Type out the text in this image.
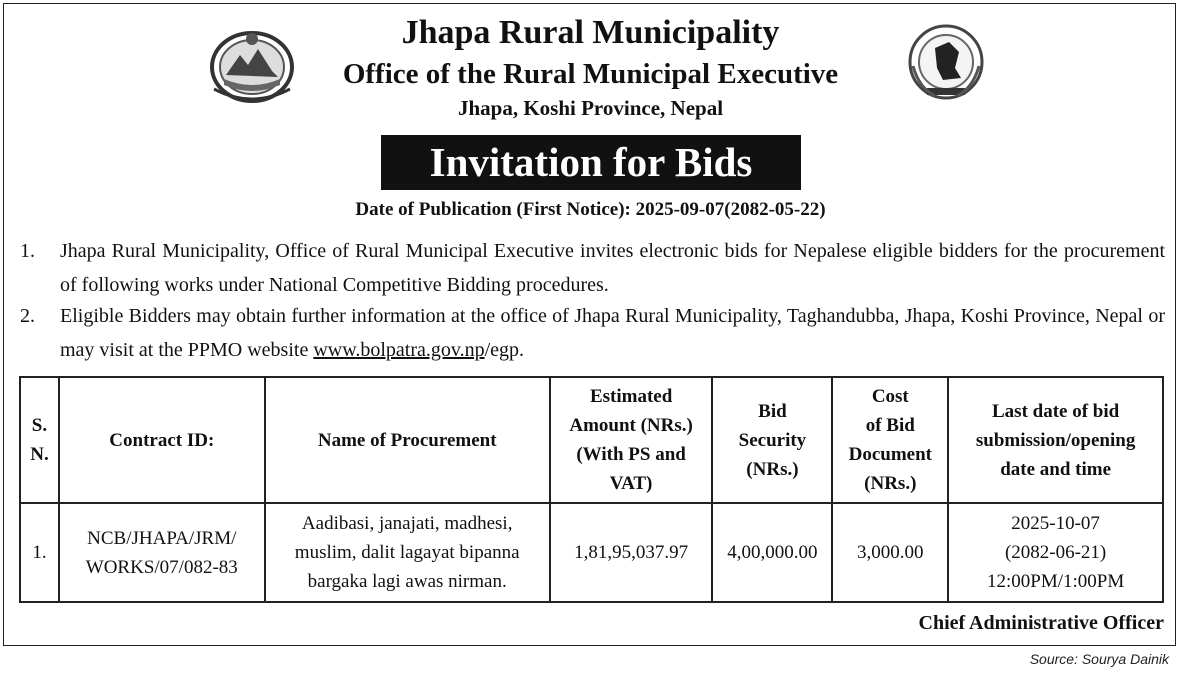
Jhapa Rural Municipality
Office of the Rural Municipal Executive
Jhapa, Koshi Province, Nepal
Invitation for Bids
Date of Publication (First Notice): 2025-09-07(2082-05-22)
1. Jhapa Rural Municipality, Office of Rural Municipal Executive invites electronic bids for Nepalese eligible bidders for the procurement of following works under National Competitive Bidding procedures.
2. Eligible Bidders may obtain further information at the office of Jhapa Rural Municipality, Taghandubba, Jhapa, Koshi Province, Nepal or may visit at the PPMO website www.bolpatra.gov.np/egp.
S.
N.	Contract ID:	Name of Procurement	Estimated
Amount (NRs.)
(With PS and
VAT)	Bid
Security
(NRs.)	Cost
of Bid
Document
(NRs.)	Last date of bid
submission/opening
date and time
1.	NCB/JHAPA/JRM/
WORKS/07/082-83	Aadibasi, janajati, madhesi,
muslim, dalit lagayat bipanna
bargaka lagi awas nirman.	1,81,95,037.97	4,00,000.00	3,000.00	2025-10-07
(2082-06-21)
12:00PM/1:00PM
Chief Administrative Officer
Source: Sourya Dainik
